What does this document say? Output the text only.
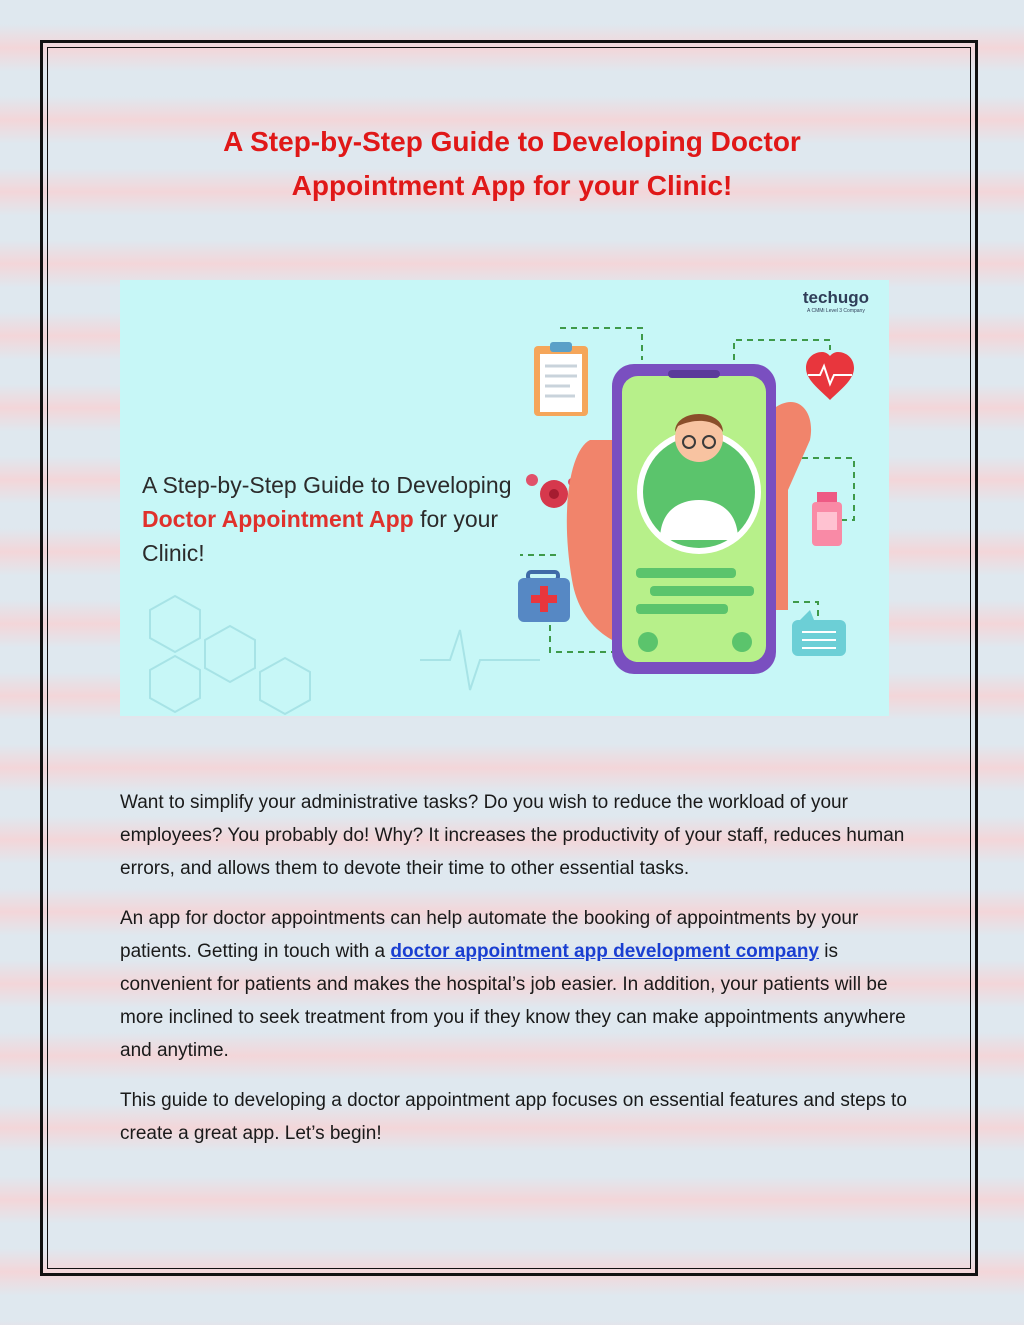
A Step-by-Step Guide to Developing Doctor
Appointment App for your Clinic!
techugo
A CMMi Level 3 Company

A Step-by-Step Guide to Developing Doctor Appointment App for your Clinic!

Want to simplify your administrative tasks? Do you wish to reduce the workload of your employees? You probably do! Why? It increases the productivity of your staff, reduces human errors, and allows them to devote their time to other essential tasks.

An app for doctor appointments can help automate the booking of appointments by your patients. Getting in touch with a doctor appointment app development company is convenient for patients and makes the hospital’s job easier. In addition, your patients will be more inclined to seek treatment from you if they know they can make appointments anywhere and anytime.

This guide to developing a doctor appointment app focuses on essential features and steps to create a great app. Let’s begin!
